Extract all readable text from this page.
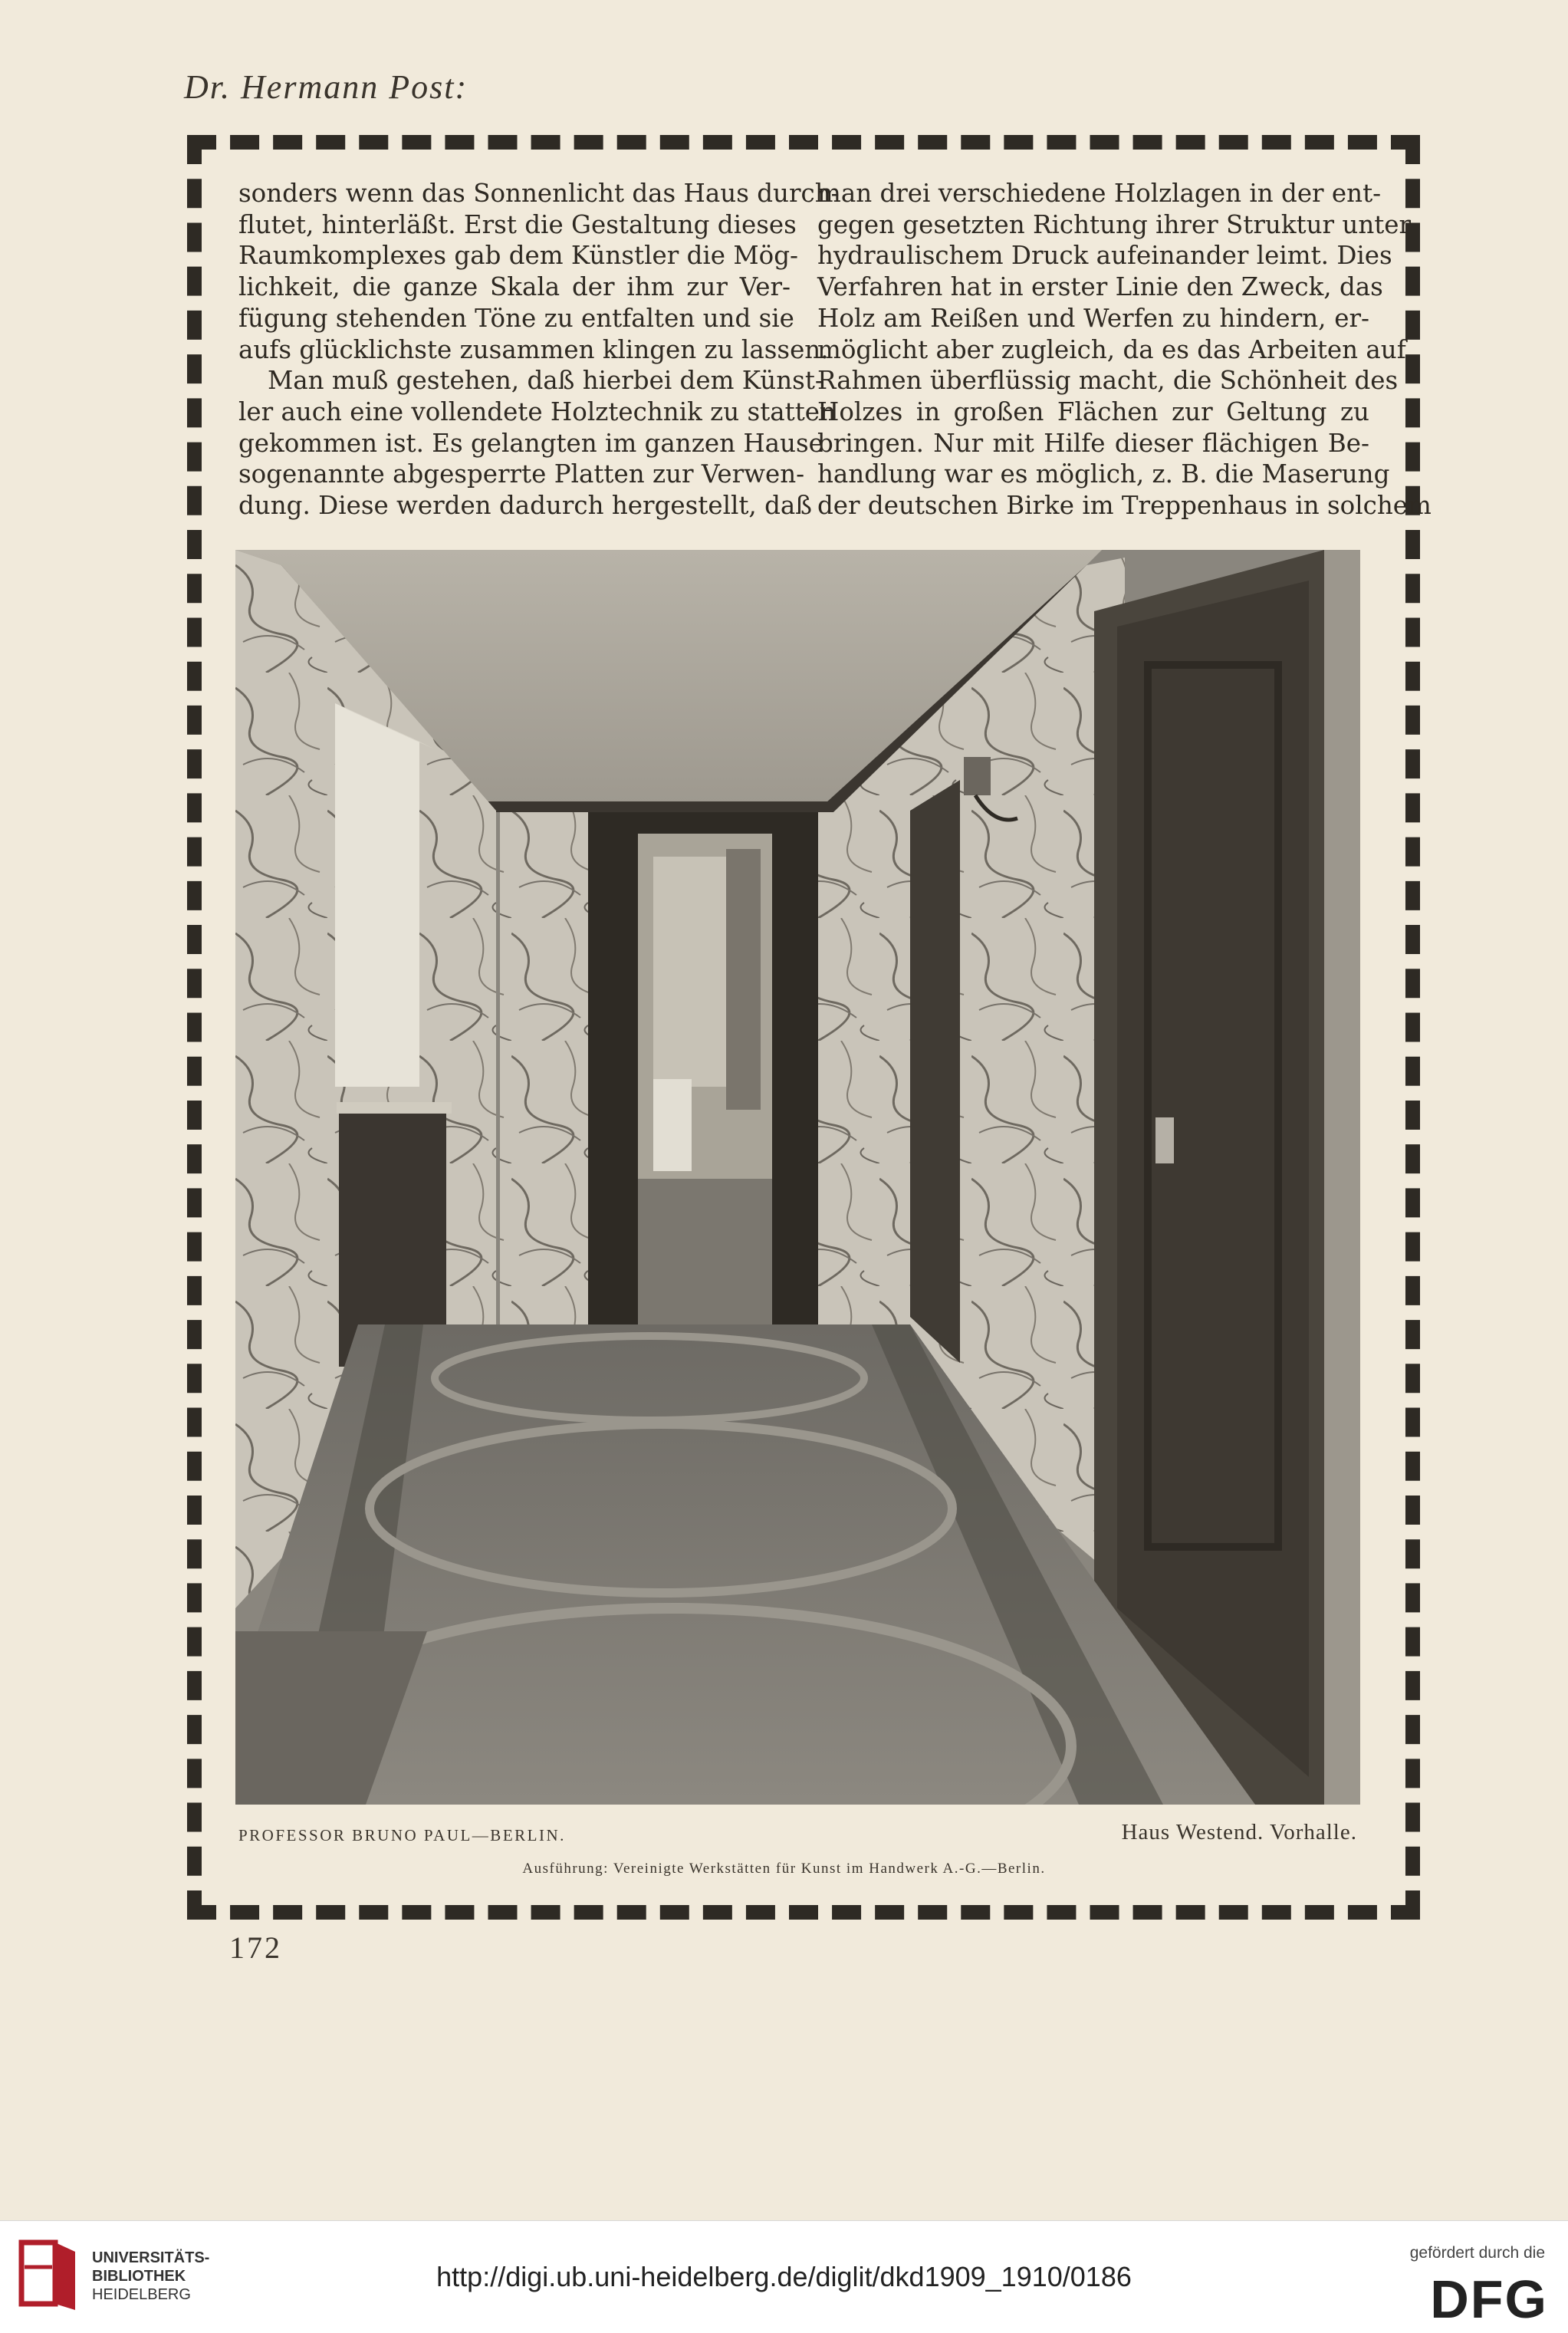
Dr. Hermann Post:
sonders wenn das Sonnenlicht das Haus durch-
flutet, hinterläßt. Erst die Gestaltung dieses
Raumkomplexes gab dem Künstler die Mög-
lichkeit, die ganze Skala der ihm zur Ver-
fügung stehenden Töne zu entfalten und sie
aufs glücklichste zusammen klingen zu lassen.
Man muß gestehen, daß hierbei dem Künst-
ler auch eine vollendete Holztechnik zu statten
gekommen ist. Es gelangten im ganzen Hause
sogenannte abgesperrte Platten zur Verwen-
dung. Diese werden dadurch hergestellt, daß
man drei verschiedene Holzlagen in der ent-
gegen gesetzten Richtung ihrer Struktur unter
hydraulischem Druck aufeinander leimt. Dies
Verfahren hat in erster Linie den Zweck, das
Holz am Reißen und Werfen zu hindern, er-
möglicht aber zugleich, da es das Arbeiten auf
Rahmen überflüssig macht, die Schönheit des
Holzes in großen Flächen zur Geltung zu
bringen. Nur mit Hilfe dieser flächigen Be-
handlung war es möglich, z. B. die Maserung
der deutschen Birke im Treppenhaus in solchem
PROFESSOR BRUNO PAUL—BERLIN.	Haus Westend. Vorhalle.
Ausführung: Vereinigte Werkstätten für Kunst im Handwerk A.-G.—Berlin.
172
UNIVERSITÄTS-
BIBLIOTHEK
HEIDELBERG
http://digi.ub.uni-heidelberg.de/diglit/dkd1909_1910/0186
gefördert durch die
DFG
